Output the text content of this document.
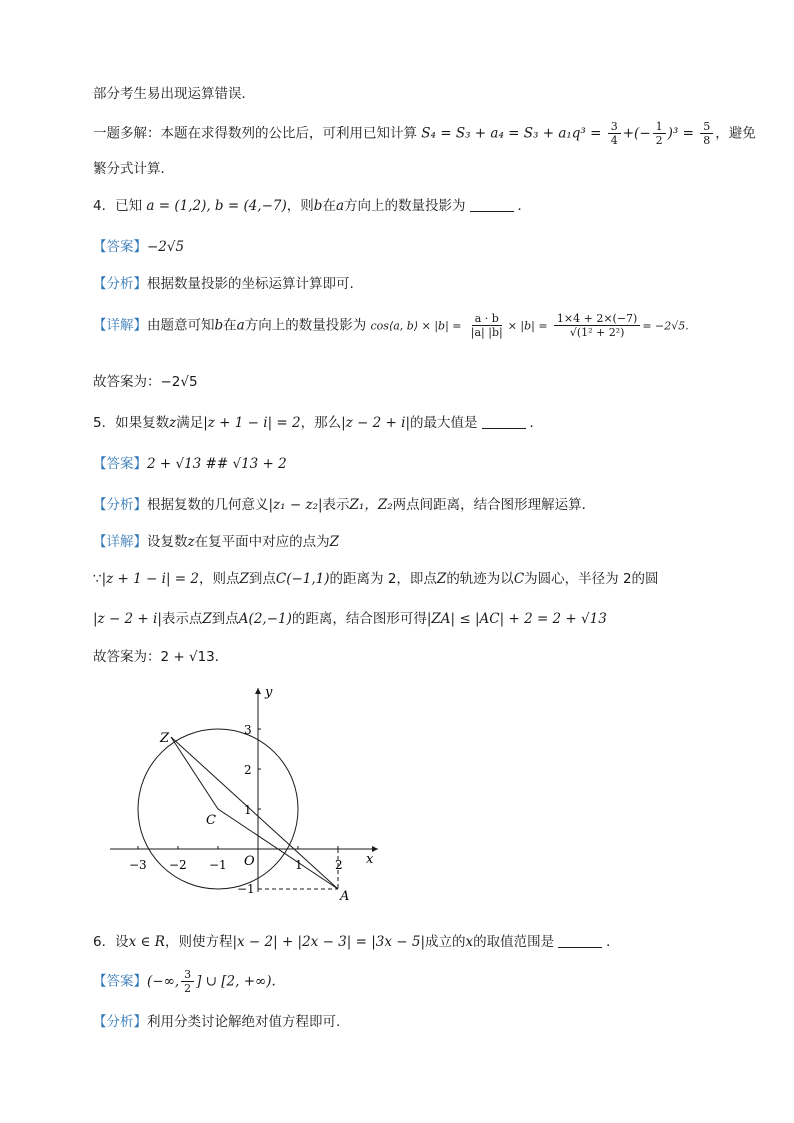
部分考生易出现运算错误．
一题多解：本题在求得数列的公比后，可利用已知计算 $S_4 = S_3 + a_4 = S_3 + a_1q^3 = \frac{3}{4}$ +(− $\frac{1}{2} )^3 = \frac{5}{8}$ ，避免
繁分式计算．
4．已知 a = (1,2), b = (4,−7)，则b在a方向上的数量投影为	．
【答案】−2√5
【分析】根据数量投影的坐标运算计算即可.
【详解】由题意可知b在a方向上的数量投影为 cos⟨a, b⟩ × $|b| = \frac{a \cdot b}{|a| |b|} \times |b| = \frac{1\times 4 + 2\times(-7)}{\text{√(1² + 2²)}} = -2√5$.
故答案为：−2√5
5．如果复数z满足|z + 1 − i| = 2，那么|z − 2 + i|的最大值是	．
【答案】2 + √13 ## √13 + 2
【分析】根据复数的几何意义|z₁ − z₂|表示Z₁，Z₂两点间距离，结合图形理解运算．
【详解】设复数z在复平面中对应的点为Z
∵|z + 1 − i| = 2，则点Z到点C(−1,1)的距离为 2，即点Z的轨迹为以C为圆心，半径为 2的圆
|z − 2 + i|表示点Z到点A(2,−1)的距离，结合图形可得|ZA| ≤ |AC| + 2 = 2 + √13
故答案为：2 + √13．
x
y
O
−3 −2 −1	1	2
3
2
1
−1
Z
C
A
6．设x ∈ R，则使方程|x − 2| + |2x − 3| = |3x − 5|成立的x的取值范围是	．
【答案】(−∞, $\frac{3}{2}$ ] ∪ [2, +∞).
【分析】利用分类讨论解绝对值方程即可.
